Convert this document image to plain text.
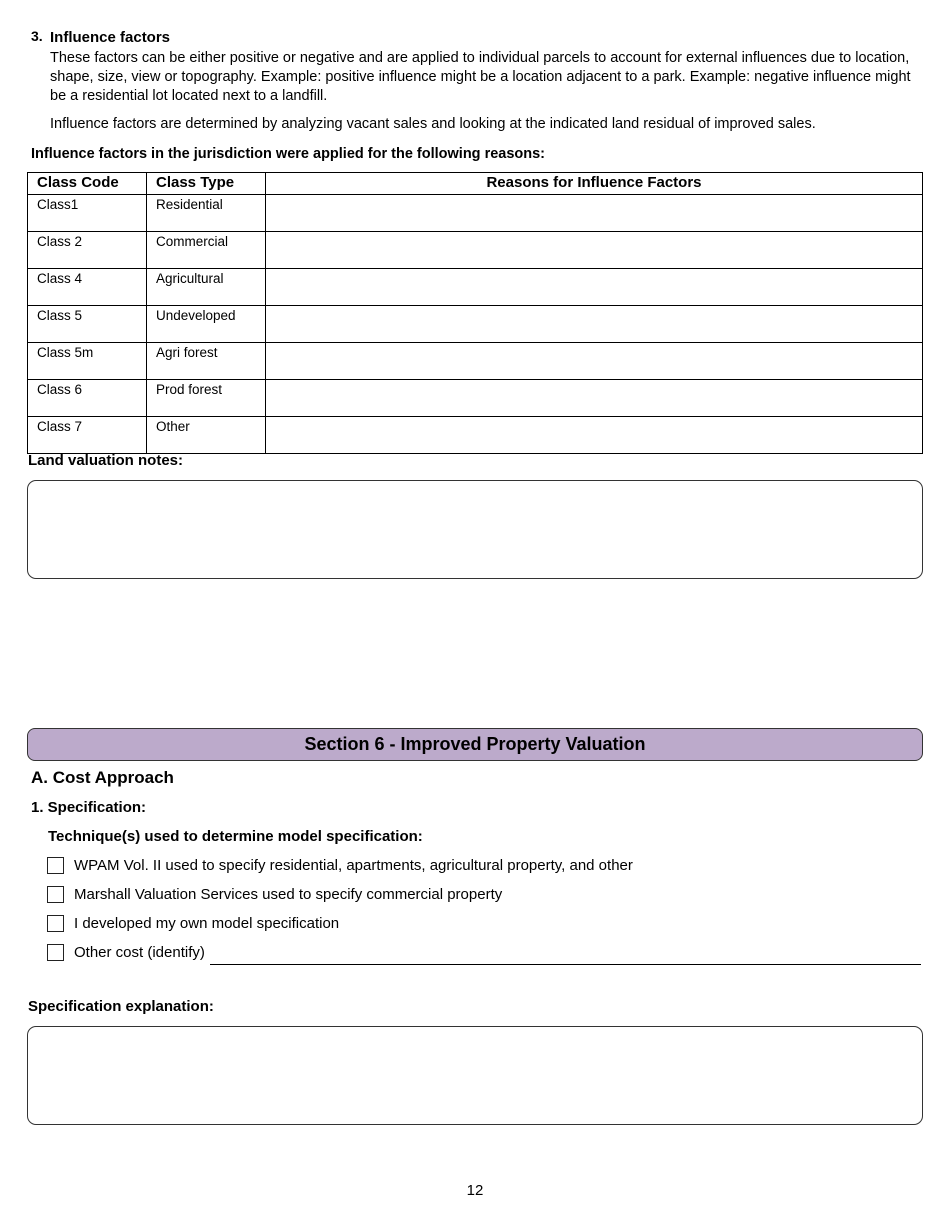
3. Influence factors
These factors can be either positive or negative and are applied to individual parcels to account for external influences due to location, shape, size, view or topography. Example: positive influence might be a location adjacent to a park. Example: negative influence might be a residential lot located next to a landfill.
Influence factors are determined by analyzing vacant sales and looking at the indicated land residual of improved sales.
Influence factors in the jurisdiction were applied for the following reasons:
Class Code	Class Type	Reasons for Influence Factors
Class1	Residential	
Class 2	Commercial	
Class 4	Agricultural	
Class 5	Undeveloped	
Class 5m	Agri forest	
Class 6	Prod forest	
Class 7	Other	
Land valuation notes:
Section 6 - Improved Property Valuation
A. Cost Approach
1. Specification:
Technique(s) used to determine model specification:
WPAM Vol. II used to specify residential, apartments, agricultural property, and other
Marshall Valuation Services used to specify commercial property
I developed my own model specification
Other cost (identify)
Specification explanation:
12
